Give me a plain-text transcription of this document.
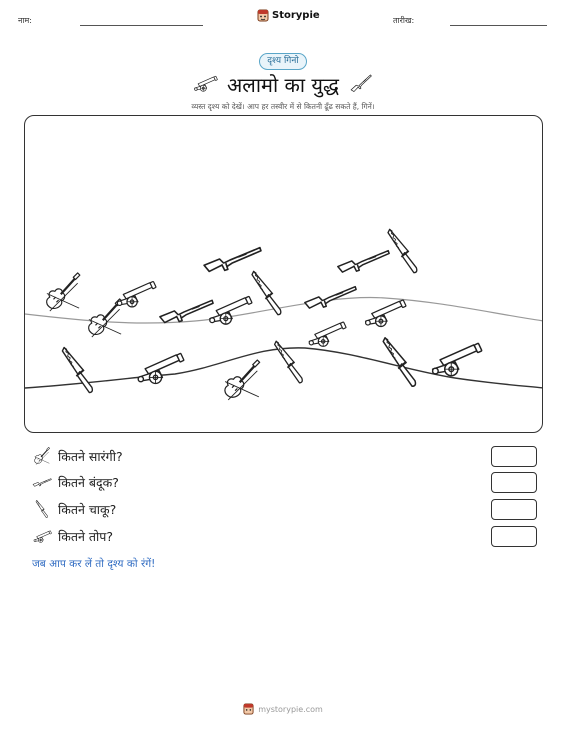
नाम:	Storypie	तारीख:
दृश्य गिनो
अलामो का युद्ध
व्यस्त दृश्य को देखें। आप हर तस्वीर में से कितनी ढूँढ सकते हैं, गिनें।
कितने सारंगी?
कितने बंदूक?
कितने चाकू?
कितने तोप?
जब आप कर लें तो दृश्य को रंगें!
mystorypie.com
